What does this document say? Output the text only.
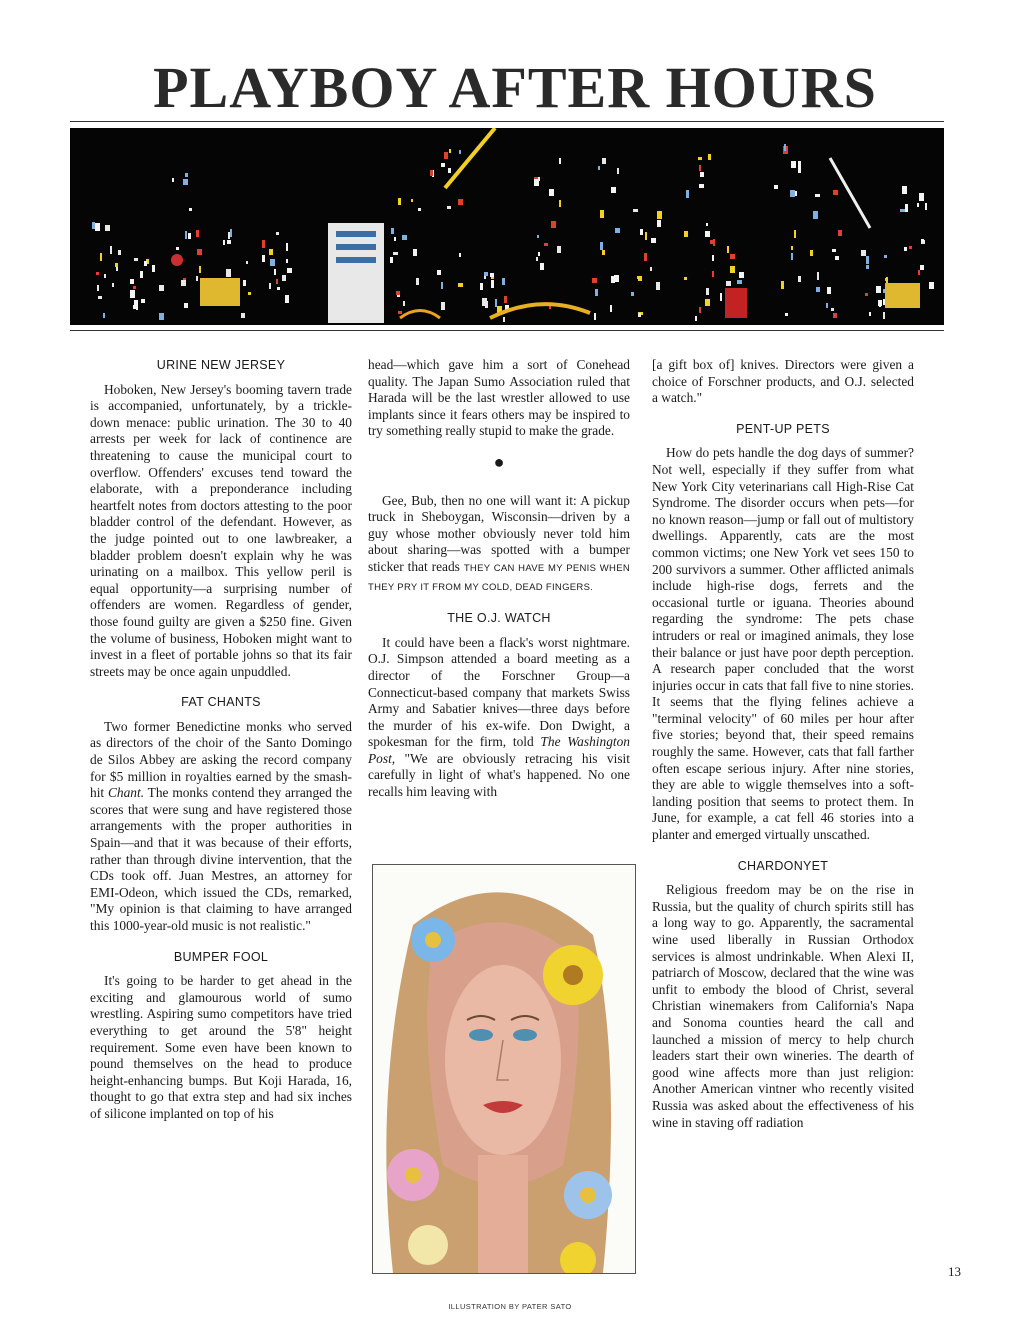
PLAYBOY AFTER HOURS
URINE NEW JERSEY

Hoboken, New Jersey's booming tavern trade is accompanied, unfortunately, by a trickle-down menace: public urination. The 30 to 40 arrests per week for lack of continence are threatening to cause the municipal court to overflow. Offenders' excuses tend toward the elaborate, with a preponderance including heartfelt notes from doctors attesting to the poor bladder control of the defendant. However, as the judge pointed out to one lawbreaker, a bladder problem doesn't explain why he was urinating on a mailbox. This yellow peril is equal opportunity—a surprising number of offenders are women. Regardless of gender, those found guilty are given a $250 fine. Given the volume of business, Hoboken might want to invest in a fleet of portable johns so that its fair streets may be once again unpuddled.

FAT CHANTS

Two former Benedictine monks who served as directors of the choir of the Santo Domingo de Silos Abbey are asking the record company for $5 million in royalties earned by the smash-hit Chant. The monks contend they arranged the scores that were sung and have registered those arrangements with the proper authorities in Spain—and that it was because of their efforts, rather than through divine intervention, that the CDs took off. Juan Mestres, an attorney for EMI-Odeon, which issued the CDs, remarked, "My opinion is that claiming to have arranged this 1000-year-old music is not realistic."

BUMPER FOOL

It's going to be harder to get ahead in the exciting and glamourous world of sumo wrestling. Aspiring sumo competitors have tried everything to get around the 5'8" height requirement. Some even have been known to pound themselves on the head to produce height-enhancing bumps. But Koji Harada, 16, thought to go that extra step and had six inches of silicone implanted on top of his

head—which gave him a sort of Conehead quality. The Japan Sumo Association ruled that Harada will be the last wrestler allowed to use implants since it fears others may be inspired to try something really stupid to make the grade.

●

Gee, Bub, then no one will want it: A pickup truck in Sheboygan, Wisconsin—driven by a guy whose mother obviously never told him about sharing—was spotted with a bumper sticker that reads THEY CAN HAVE MY PENIS WHEN THEY PRY IT FROM MY COLD, DEAD FINGERS.

THE O.J. WATCH

It could have been a flack's worst nightmare. O.J. Simpson attended a board meeting as a director of the Forschner Group—a Connecticut-based company that markets Swiss Army and Sabatier knives—three days before the murder of his ex-wife. Don Dwight, a spokesman for the firm, told The Washington Post, "We are obviously retracing his visit carefully in light of what's happened. No one recalls him leaving with

[a gift box of] knives. Directors were given a choice of Forschner products, and O.J. selected a watch."

PENT-UP PETS

How do pets handle the dog days of summer? Not well, especially if they suffer from what New York City veterinarians call High-Rise Cat Syndrome. The disorder occurs when pets—for no known reason—jump or fall out of multistory dwellings. Apparently, cats are the most common victims; one New York vet sees 150 to 200 survivors a summer. Other afflicted animals include high-rise dogs, ferrets and the occasional turtle or iguana. Theories abound regarding the syndrome: The pets chase intruders or real or imagined animals, they lose their balance or just have poor depth perception. A research paper concluded that the worst injuries occur in cats that fall five to nine stories. It seems that the flying felines achieve a "terminal velocity" of 60 miles per hour after five stories; beyond that, their speed remains roughly the same. However, cats that fall farther often escape serious injury. After nine stories, they are able to wiggle themselves into a soft-landing position that seems to protect them. In June, for example, a cat fell 46 stories into a planter and emerged virtually unscathed.

CHARDONYET

Religious freedom may be on the rise in Russia, but the quality of church spirits still has a long way to go. Apparently, the sacramental wine used liberally in Russian Orthodox services is almost undrinkable. When Alexi II, patriarch of Moscow, declared that the wine was unfit to embody the blood of Christ, several Christian winemakers from California's Napa and Sonoma counties heard the call and launched a mission of mercy to help church leaders start their own wineries. The dearth of good wine affects more than just religion: Another American vintner who recently visited Russia was asked about the effectiveness of his wine in staving off radiation

13
ILLUSTRATION BY PATER SATO
